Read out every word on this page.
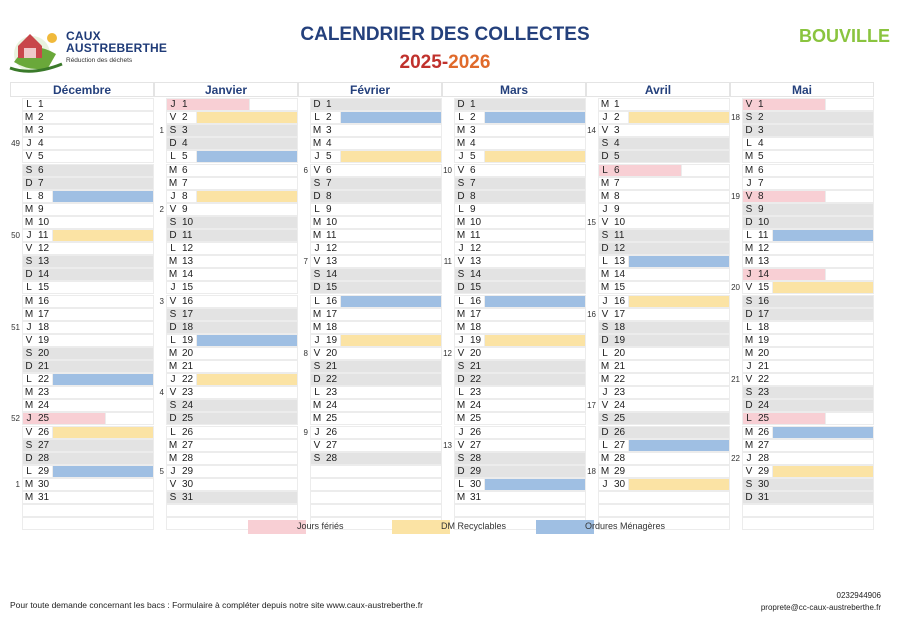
CAUX
AUSTREBERTHE
Réduction des déchets
CALENDRIER DES COLLECTES
2025-2026
BOUVILLE
Décembre
L 1
M 2
M 3
J 4
49
V 5
S 6
D 7
L 8
M 9
M 10
J 11
50
V 12
S 13
D 14
L 15
M 16
M 17
J 18
51
V 19
S 20
D 21
L 22
M 23
M 24
J 25
52
V 26
S 27
D 28
L 29
M 30
1
M 31
Janvier
J 1
V 2
S 3
1
D 4
L 5
M 6
M 7
J 8
V 9
2
S 10
D 11
L 12
M 13
M 14
J 15
V 16
3
S 17
D 18
L 19
M 20
M 21
J 22
V 23
4
S 24
D 25
L 26
M 27
M 28
J 29
5
V 30
S 31
Février
D 1
L 2
M 3
M 4
J 5
V 6
6
S 7
D 8
L 9
M 10
M 11
J 12
V 13
7
S 14
D 15
L 16
M 17
M 18
J 19
V 20
8
S 21
D 22
L 23
M 24
M 25
J 26
9
V 27
S 28
Mars
D 1
L 2
M 3
M 4
J 5
V 6
10
S 7
D 8
L 9
M 10
M 11
J 12
V 13
11
S 14
D 15
L 16
M 17
M 18
J 19
V 20
12
S 21
D 22
L 23
M 24
M 25
J 26
V 27
13
S 28
D 29
L 30
M 31
Avril
M 1
J 2
V 3
14
S 4
D 5
L 6
M 7
M 8
J 9
V 10
15
S 11
D 12
L 13
M 14
M 15
J 16
V 17
16
S 18
D 19
L 20
M 21
M 22
J 23
V 24
17
S 25
D 26
L 27
M 28
M 29
18
J 30
Mai
V 1
S 2
18
D 3
L 4
M 5
M 6
J 7
V 8
19
S 9
D 10
L 11
M 12
M 13
J 14
V 15
20
S 16
D 17
L 18
M 19
M 20
J 21
V 22
21
S 23
D 24
L 25
M 26
M 27
J 28
22
V 29
S 30
D 31
Jours fériés	DM Recyclables	Ordures Ménagères
Pour toute demande concernant les bacs : Formulaire à compléter depuis notre site www.caux-austreberthe.fr
0232944906
proprete@cc-caux-austreberthe.fr
